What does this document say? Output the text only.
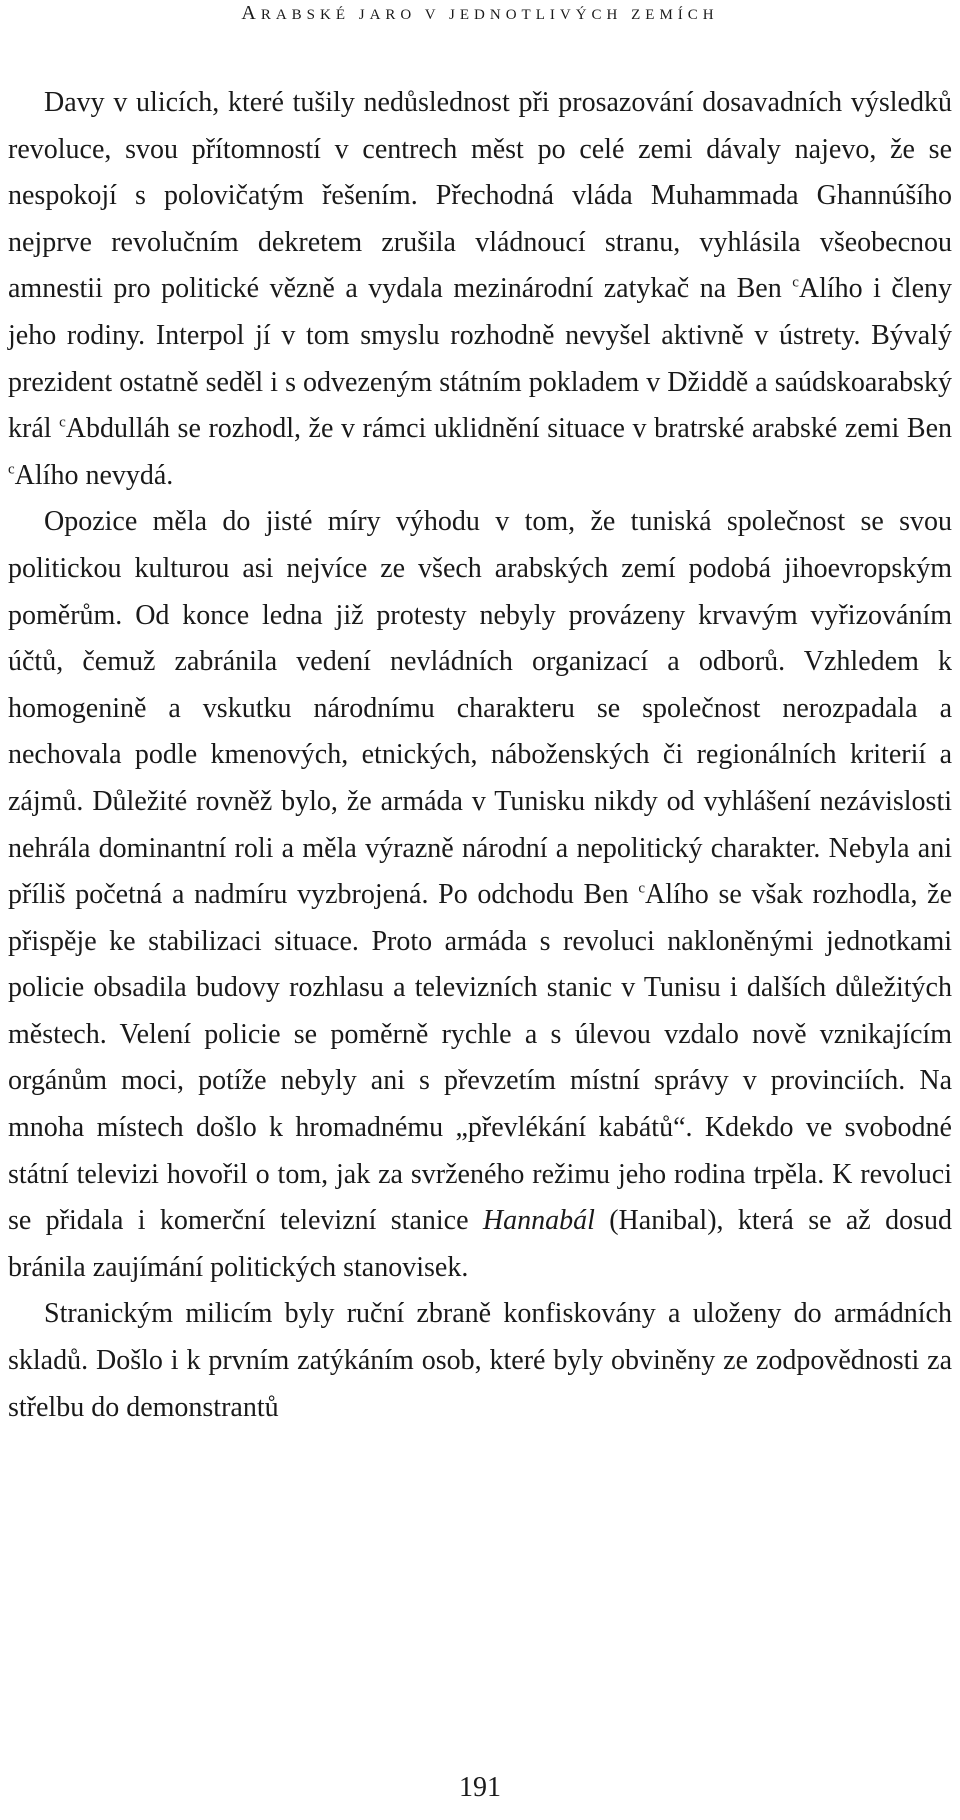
ARABSKÉ JARO V JEDNOTLIVÝCH ZEMÍCH

Davy v ulicích, které tušily nedůslednost při prosazování dosavadních výsledků revoluce, svou přítomností v centrech měst po celé zemi dávaly najevo, že se nespokojí s polovičatým řešením. Přechodná vláda Muhammada Ghannúšího nejprve revolučním dekretem zrušila vládnoucí stranu, vyhlásila všeobecnou amnestii pro politické vězně a vydala mezinárodní zatykač na Ben $^c$Alího i členy jeho rodiny. Interpol jí v tom smyslu rozhodně nevyšel aktivně v ústrety. Bývalý prezident ostatně seděl i s odvezeným státním pokladem v Džiddě a saúdskoarabský král $^c$Abdulláh se rozhodl, že v rámci uklidnění situace v bratrské arabské zemi Ben $^c$Alího nevydá.

Opozice měla do jisté míry výhodu v tom, že tuniská společnost se svou politickou kulturou asi nejvíce ze všech arabských zemí podobá jihoevropským poměrům. Od konce ledna již protesty nebyly provázeny krvavým vyřizováním účtů, čemuž zabránila vedení nevládních organizací a odborů. Vzhledem k homogenině a vskutku národnímu charakteru se společnost nerozpadala a nechovala podle kmenových, etnických, náboženských či regionálních kriterií a zájmů. Důležité rovněž bylo, že armáda v Tunisku nikdy od vyhlášení nezávislosti nehrála dominantní roli a měla výrazně národní a nepolitický charakter. Nebyla ani příliš početná a nadmíru vyzbrojená. Po odchodu Ben $^c$Alího se však rozhodla, že přispěje ke stabilizaci situace. Proto armáda s revoluci nakloněnými jednotkami policie obsadila budovy rozhlasu a televizních stanic v Tunisu i dalších důležitých městech. Velení policie se poměrně rychle a s úlevou vzdalo nově vznikajícím orgánům moci, potíže nebyly ani s převzetím místní správy v provinciích. Na mnoha místech došlo k hromadnému „převlékání kabátů“. Kdekdo ve svobodné státní televizi hovořil o tom, jak za svrženého režimu jeho rodina trpěla. K revoluci se přidala i komerční televizní stanice Hannabál (Hanibal), která se až dosud bránila zaujímání politických stanovisek.

Stranickým milicím byly ruční zbraně konfiskovány a uloženy do armádních skladů. Došlo i k prvním zatýkáním osob, které byly obviněny ze zodpovědnosti za střelbu do demonstrantů

191
